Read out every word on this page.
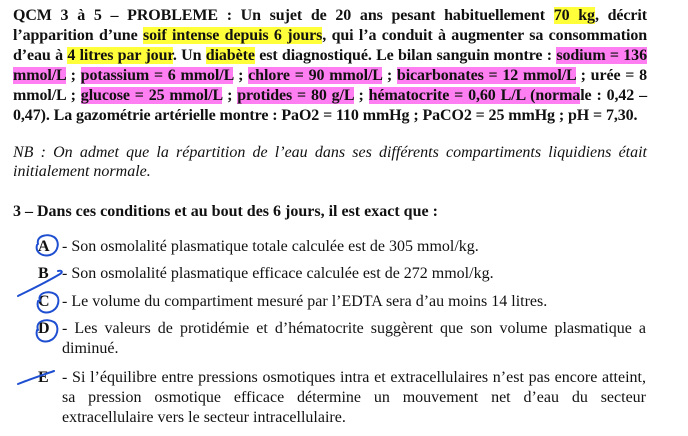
QCM 3 à 5 – PROBLEME : Un sujet de 20 ans pesant habituellement 70 kg, décrit l’apparition d’une soif intense depuis 6 jours, qui l’a conduit à augmenter sa consommation d’eau à 4 litres par jour. Un diabète est diagnostiqué. Le bilan sanguin montre : sodium = 136 mmol/L ; potassium = 6 mmol/L ; chlore = 90 mmol/L ; bicarbonates = 12 mmol/L ; urée = 8 mmol/L ; glucose = 25 mmol/L ; protides = 80 g/L ; hématocrite = 0,60 L/L (normale : 0,42 – 0,47). La gazométrie artérielle montre : PaO2 = 110 mmHg ; PaCO2 = 25 mmHg ; pH = 7,30.
NB : On admet que la répartition de l’eau dans ses différents compartiments liquidiens était initialement normale.
3 – Dans ces conditions et au bout des 6 jours, il est exact que :
A - Son osmolalité plasmatique totale calculée est de 305 mmol/kg.
B - Son osmolalité plasmatique efficace calculée est de 272 mmol/kg.
C - Le volume du compartiment mesuré par l’EDTA sera d’au moins 14 litres.
D - Les valeurs de protidémie et d’hématocrite suggèrent que son volume plasmatique a diminué.
E - Si l’équilibre entre pressions osmotiques intra et extracellulaires n’est pas encore atteint, sa pression osmotique efficace détermine un mouvement net d’eau du secteur extracellulaire vers le secteur intracellulaire.
